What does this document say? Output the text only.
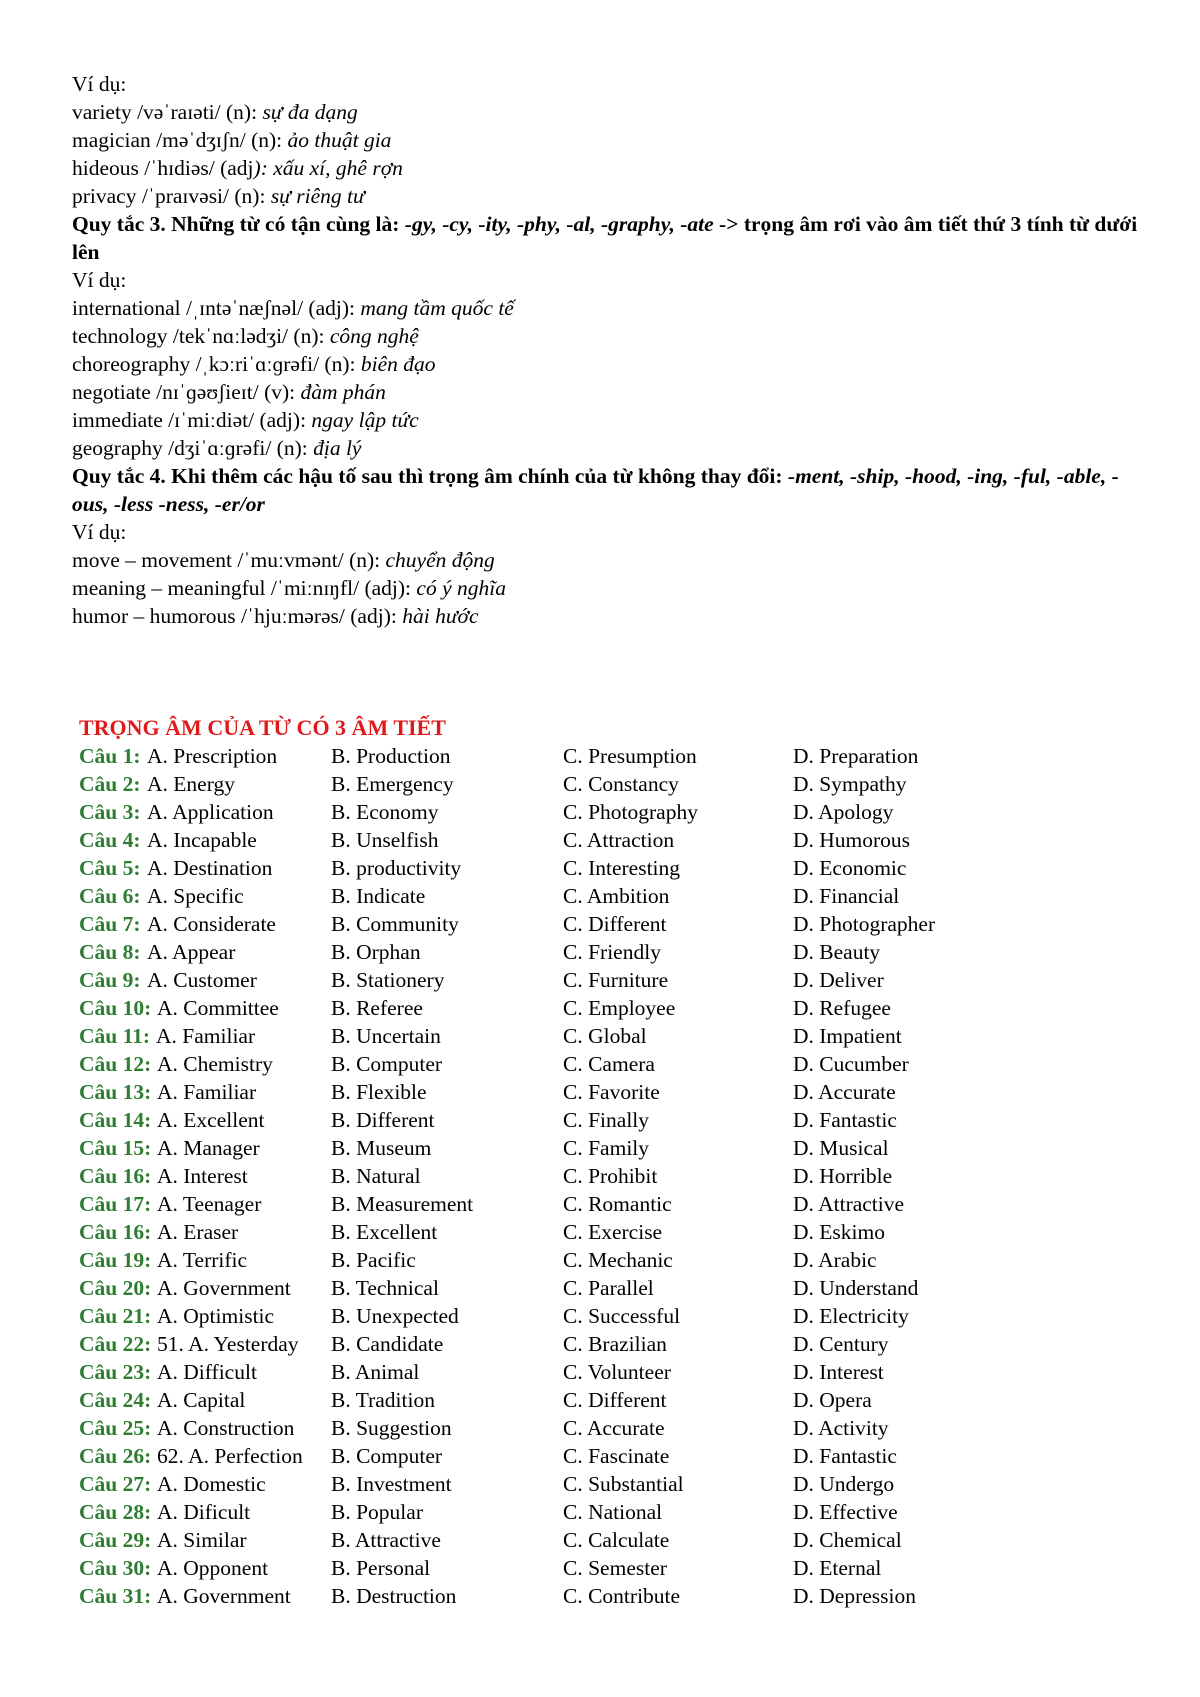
Ví dụ:
variety /vəˈraɪəti/ (n): sự đa dạng
magician /məˈdʒɪʃn/ (n): ảo thuật gia
hideous /ˈhɪdiəs/ (adj): xấu xí, ghê rợn
privacy /ˈpraɪvəsi/ (n): sự riêng tư
Quy tắc 3. Những từ có tận cùng là: -gy, -cy, -ity, -phy, -al, -graphy, -ate -> trọng âm rơi vào âm tiết thứ 3 tính từ dưới lên
Ví dụ:
international /ˌɪntəˈnæʃnəl/ (adj): mang tầm quốc tế
technology /tekˈnɑːlədʒi/ (n): công nghệ
choreography /ˌkɔːriˈɑːɡrəfi/ (n): biên đạo
negotiate /nɪˈɡəʊʃieɪt/ (v): đàm phán
immediate /ɪˈmiːdiət/ (adj): ngay lập tức
geography /dʒiˈɑːɡrəfi/ (n): địa lý
Quy tắc 4. Khi thêm các hậu tố sau thì trọng âm chính của từ không thay đổi: -ment, -ship, -hood, -ing, -ful, -able, -ous, -less -ness, -er/or
Ví dụ:
move – movement /ˈmuːvmənt/ (n): chuyển động
meaning – meaningful /ˈmiːnɪŋfl/ (adj): có ý nghĩa
humor – humorous /ˈhjuːmərəs/ (adj): hài hước
TRỌNG ÂM CỦA TỪ CÓ 3 ÂM TIẾT
Câu 1: A. Prescription	B. Production	C. Presumption	D. Preparation
Câu 2: A. Energy	B. Emergency	C. Constancy	D. Sympathy
Câu 3: A. Application	B. Economy	C. Photography	D. Apology
Câu 4: A. Incapable	B. Unselfish	C. Attraction	D. Humorous
Câu 5: A. Destination	B. productivity	C. Interesting	D. Economic
Câu 6: A. Specific	B. Indicate	C. Ambition	D. Financial
Câu 7: A. Considerate	B. Community	C. Different	D. Photographer
Câu 8: A. Appear	B. Orphan	C. Friendly	D. Beauty
Câu 9: A. Customer	B. Stationery	C. Furniture	D. Deliver
Câu 10: A. Committee B. Referee	C. Employee	D. Refugee
Câu 11: A. Familiar	B. Uncertain	C. Global	D. Impatient
Câu 12: A. Chemistry	B. Computer	C. Camera	D. Cucumber
Câu 13: A. Familiar	B. Flexible	C. Favorite	D. Accurate
Câu 14: A. Excellent	B. Different	C. Finally	D. Fantastic
Câu 15: A. Manager	B. Museum	C. Family	D. Musical
Câu 16: A. Interest	B. Natural	C. Prohibit	D. Horrible
Câu 17: A. Teenager	B. Measurement	C. Romantic	D. Attractive
Câu 16: A. Eraser	B. Excellent	C. Exercise	D. Eskimo
Câu 19: A. Terrific	B. Pacific	C. Mechanic	D. Arabic
Câu 20: A. Government B. Technical	C. Parallel	D. Understand
Câu 21: A. Optimistic	B. Unexpected	C. Successful	D. Electricity
Câu 22: 51. A. Yesterday B. Candidate	C. Brazilian	D. Century
Câu 23: A. Difficult	B. Animal	C. Volunteer	D. Interest
Câu 24: A. Capital	B. Tradition	C. Different	D. Opera
Câu 25: A. Construction B. Suggestion	C. Accurate	D. Activity
Câu 26: 62. A. Perfection B. Computer	C. Fascinate	D. Fantastic
Câu 27: A. Domestic	B. Investment	C. Substantial	D. Undergo
Câu 28: A. Dificult	B. Popular	C. National	D. Effective
Câu 29: A. Similar	B. Attractive	C. Calculate	D. Chemical
Câu 30: A. Opponent	B. Personal	C. Semester	D. Eternal
Câu 31: A. Government B. Destruction	C. Contribute	D. Depression
